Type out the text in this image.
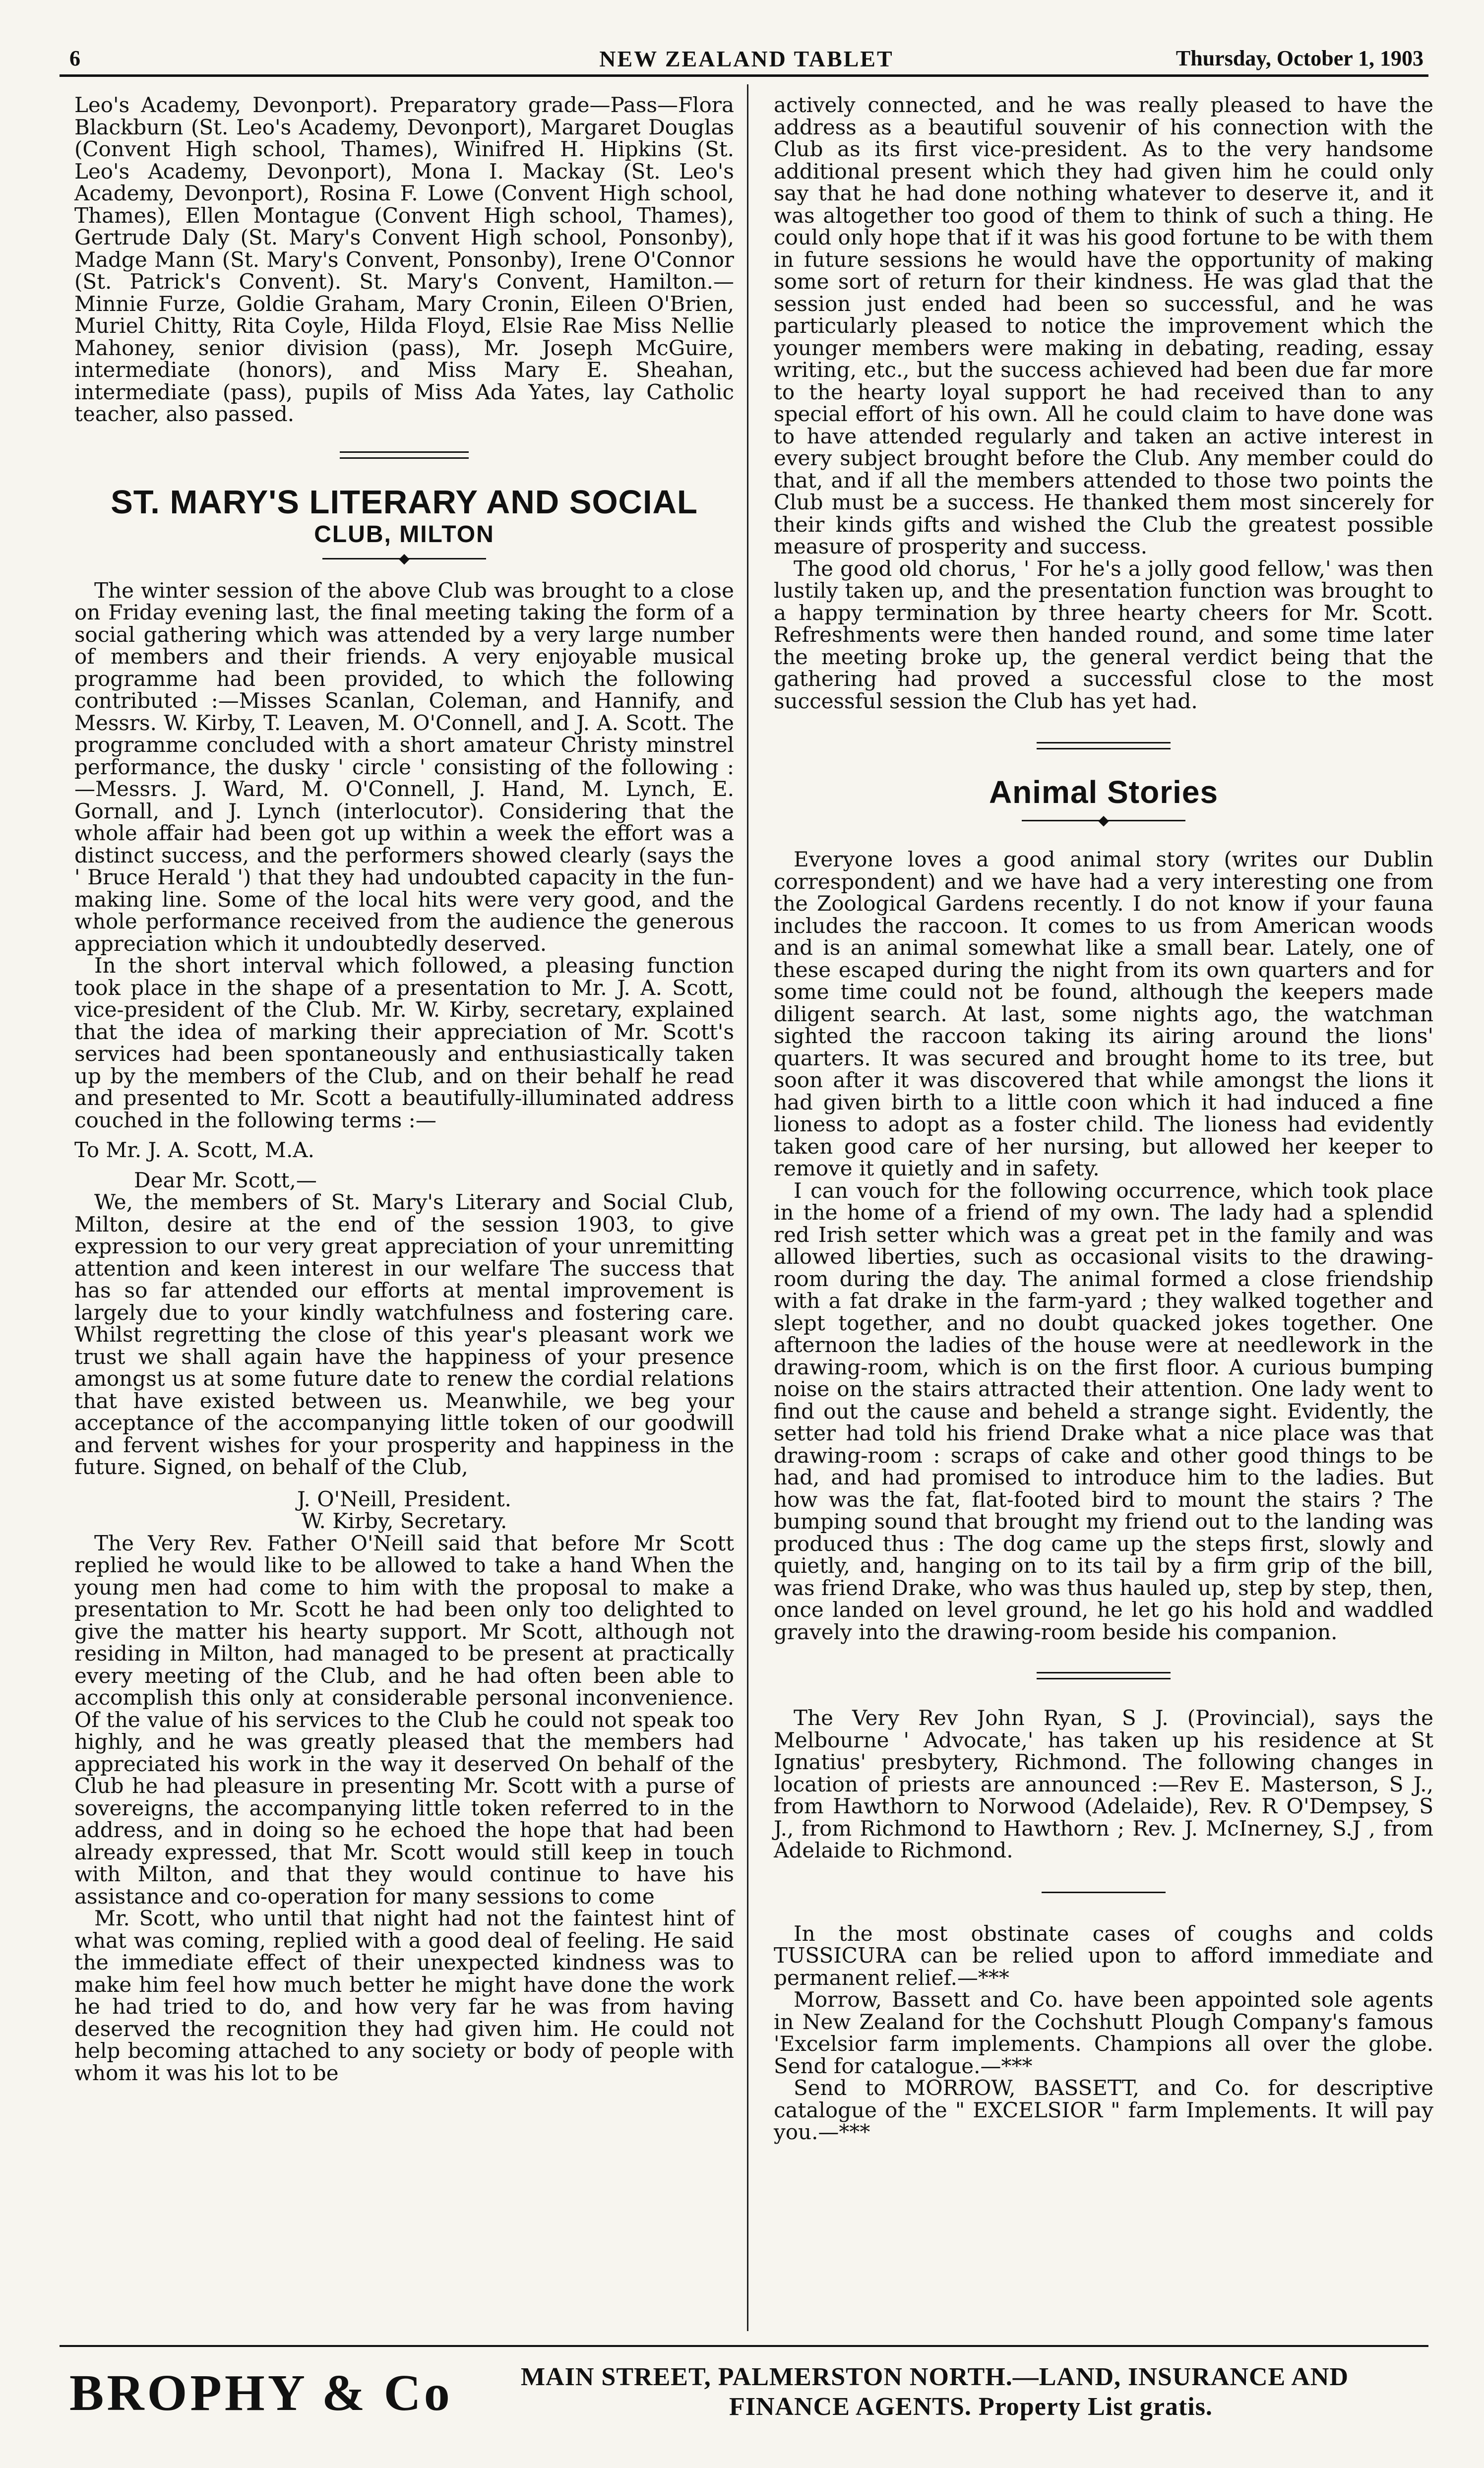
6	NEW ZEALAND TABLET	Thursday, October 1, 1903

Leo's Academy, Devonport). Preparatory grade—Pass—Flora Blackburn (St. Leo's Academy, Devonport), Margaret Douglas (Convent High school, Thames), Winifred H. Hipkins (St. Leo's Academy, Devonport), Mona I. Mackay (St. Leo's Academy, Devonport), Rosina F. Lowe (Convent High school, Thames), Ellen Montague (Convent High school, Thames), Gertrude Daly (St. Mary's Convent High school, Ponsonby), Madge Mann (St. Mary's Convent, Ponsonby), Irene O'Connor (St. Patrick's Convent). St. Mary's Convent, Hamilton.—Minnie Furze, Goldie Graham, Mary Cronin, Eileen O'Brien, Muriel Chitty, Rita Coyle, Hilda Floyd, Elsie Rae Miss Nellie Mahoney, senior division (pass), Mr. Joseph McGuire, intermediate (honors), and Miss Mary E. Sheahan, intermediate (pass), pupils of Miss Ada Yates, lay Catholic teacher, also passed.

ST. MARY'S LITERARY AND SOCIAL
CLUB, MILTON
◆

The winter session of the above Club was brought to a close on Friday evening last, the final meeting taking the form of a social gathering which was attended by a very large number of members and their friends. A very enjoyable musical programme had been provided, to which the following contributed :—Misses Scanlan, Coleman, and Hannify, and Messrs. W. Kirby, T. Leaven, M. O'Connell, and J. A. Scott. The programme concluded with a short amateur Christy minstrel performance, the dusky ' circle ' consisting of the following :—Messrs. J. Ward, M. O'Connell, J. Hand, M. Lynch, E. Gornall, and J. Lynch (interlocutor). Considering that the whole affair had been got up within a week the effort was a distinct success, and the performers showed clearly (says the ' Bruce Herald ') that they had undoubted capacity in the fun-making line. Some of the local hits were very good, and the whole performance received from the audience the generous appreciation which it undoubtedly deserved.

In the short interval which followed, a pleasing function took place in the shape of a presentation to Mr. J. A. Scott, vice-president of the Club. Mr. W. Kirby, secretary, explained that the idea of marking their appreciation of Mr. Scott's services had been spontaneously and enthusiastically taken up by the members of the Club, and on their behalf he read and presented to Mr. Scott a beautifully-illuminated address couched in the following terms :—

To Mr. J. A. Scott, M.A.

Dear Mr. Scott,—

We, the members of St. Mary's Literary and Social Club, Milton, desire at the end of the session 1903, to give expression to our very great appreciation of your unremitting attention and keen interest in our welfare The success that has so far attended our efforts at mental improvement is largely due to your kindly watchfulness and fostering care. Whilst regretting the close of this year's pleasant work we trust we shall again have the happiness of your presence amongst us at some future date to renew the cordial relations that have existed between us. Meanwhile, we beg your acceptance of the accompanying little token of our goodwill and fervent wishes for your prosperity and happiness in the future. Signed, on behalf of the Club,

J. O'Neill, President.
W. Kirby, Secretary.

The Very Rev. Father O'Neill said that before Mr Scott replied he would like to be allowed to take a hand When the young men had come to him with the proposal to make a presentation to Mr. Scott he had been only too delighted to give the matter his hearty support. Mr Scott, although not residing in Milton, had managed to be present at practically every meeting of the Club, and he had often been able to accomplish this only at considerable personal inconvenience. Of the value of his services to the Club he could not speak too highly, and he was greatly pleased that the members had appreciated his work in the way it deserved On behalf of the Club he had pleasure in presenting Mr. Scott with a purse of sovereigns, the accompanying little token referred to in the address, and in doing so he echoed the hope that had been already expressed, that Mr. Scott would still keep in touch with Milton, and that they would continue to have his assistance and co-operation for many sessions to come

Mr. Scott, who until that night had not the faintest hint of what was coming, replied with a good deal of feeling. He said the immediate effect of their unexpected kindness was to make him feel how much better he might have done the work he had tried to do, and how very far he was from having deserved the recognition they had given him. He could not help becoming attached to any society or body of people with whom it was his lot to be

actively connected, and he was really pleased to have the address as a beautiful souvenir of his connection with the Club as its first vice-president. As to the very handsome additional present which they had given him he could only say that he had done nothing whatever to deserve it, and it was altogether too good of them to think of such a thing. He could only hope that if it was his good fortune to be with them in future sessions he would have the opportunity of making some sort of return for their kindness. He was glad that the session just ended had been so successful, and he was particularly pleased to notice the improvement which the younger members were making in debating, reading, essay writing, etc., but the success achieved had been due far more to the hearty loyal support he had received than to any special effort of his own. All he could claim to have done was to have attended regularly and taken an active interest in every subject brought before the Club. Any member could do that, and if all the members attended to those two points the Club must be a success. He thanked them most sincerely for their kinds gifts and wished the Club the greatest possible measure of prosperity and success.

The good old chorus, ' For he's a jolly good fellow,' was then lustily taken up, and the presentation function was brought to a happy termination by three hearty cheers for Mr. Scott. Refreshments were then handed round, and some time later the meeting broke up, the general verdict being that the gathering had proved a successful close to the most successful session the Club has yet had.

Animal Stories
◆

Everyone loves a good animal story (writes our Dublin correspondent) and we have had a very interesting one from the Zoological Gardens recently. I do not know if your fauna includes the raccoon. It comes to us from American woods and is an animal somewhat like a small bear. Lately, one of these escaped during the night from its own quarters and for some time could not be found, although the keepers made diligent search. At last, some nights ago, the watchman sighted the raccoon taking its airing around the lions' quarters. It was secured and brought home to its tree, but soon after it was discovered that while amongst the lions it had given birth to a little coon which it had induced a fine lioness to adopt as a foster child. The lioness had evidently taken good care of her nursing, but allowed her keeper to remove it quietly and in safety.

I can vouch for the following occurrence, which took place in the home of a friend of my own. The lady had a splendid red Irish setter which was a great pet in the family and was allowed liberties, such as occasional visits to the drawing-room during the day. The animal formed a close friendship with a fat drake in the farm-yard ; they walked together and slept together, and no doubt quacked jokes together. One afternoon the ladies of the house were at needlework in the drawing-room, which is on the first floor. A curious bumping noise on the stairs attracted their attention. One lady went to find out the cause and beheld a strange sight. Evidently, the setter had told his friend Drake what a nice place was that drawing-room : scraps of cake and other good things to be had, and had promised to introduce him to the ladies. But how was the fat, flat-footed bird to mount the stairs ? The bumping sound that brought my friend out to the landing was produced thus : The dog came up the steps first, slowly and quietly, and, hanging on to its tail by a firm grip of the bill, was friend Drake, who was thus hauled up, step by step, then, once landed on level ground, he let go his hold and waddled gravely into the drawing-room beside his companion.

The Very Rev John Ryan, S J. (Provincial), says the Melbourne ' Advocate,' has taken up his residence at St Ignatius' presbytery, Richmond. The following changes in location of priests are announced :—Rev E. Masterson, S J., from Hawthorn to Norwood (Adelaide), Rev. R O'Dempsey, S J., from Richmond to Hawthorn ; Rev. J. McInerney, S.J , from Adelaide to Richmond.

In the most obstinate cases of coughs and colds TUSSICURA can be relied upon to afford immediate and permanent relief.—***

Morrow, Bassett and Co. have been appointed sole agents in New Zealand for the Cochshutt Plough Company's famous 'Excelsior farm implements. Champions all over the globe. Send for catalogue.—***

Send to MORROW, BASSETT, and Co. for descriptive catalogue of the " EXCELSIOR " farm Implements. It will pay you.—***

BROPHY & Co	MAIN STREET, PALMERSTON NORTH.—LAND, INSURANCE AND
FINANCE AGENTS. Property List gratis.
